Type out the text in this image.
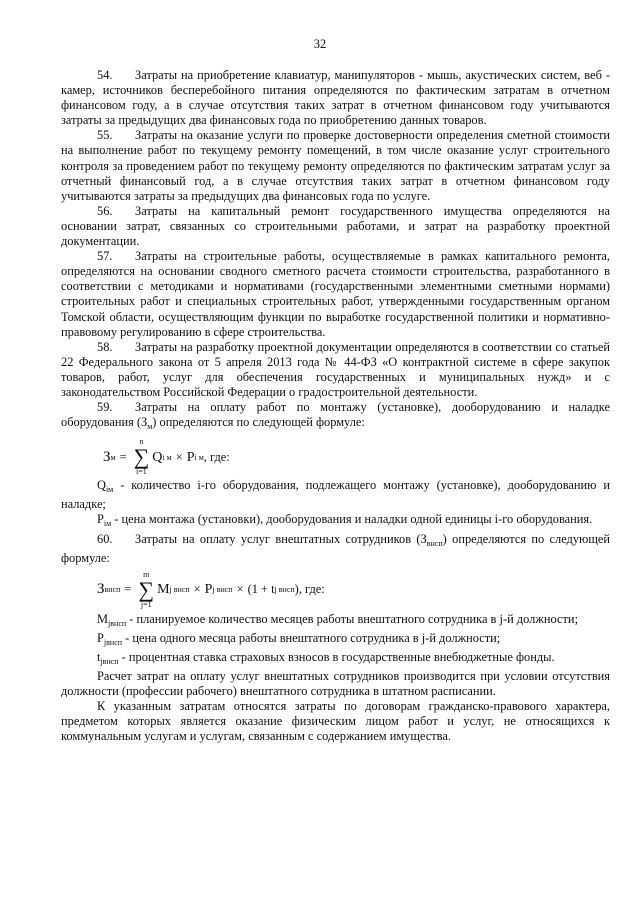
32

54. Затраты на приобретение клавиатур, манипуляторов - мышь, акустических систем, веб - камер, источников бесперебойного питания определяются по фактическим затратам в отчетном финансовом году, а в случае отсутствия таких затрат в отчетном финансовом году учитываются затраты за предыдущих два финансовых года по приобретению данных товаров.

55. Затраты на оказание услуги по проверке достоверности определения сметной стоимости на выполнение работ по текущему ремонту помещений, в том числе оказание услуг строительного контроля за проведением работ по текущему ремонту определяются по фактическим затратам услуг за отчетный финансовый год, а в случае отсутствия таких затрат в отчетном финансовом году учитываются затраты за предыдущих два финансовых года по услуге.

56. Затраты на капитальный ремонт государственного имущества определяются на основании затрат, связанных со строительными работами, и затрат на разработку проектной документации.

57. Затраты на строительные работы, осуществляемые в рамках капитального ремонта, определяются на основании сводного сметного расчета стоимости строительства, разработанного в соответствии с методиками и нормативами (государственными элементными сметными нормами) строительных работ и специальных строительных работ, утвержденными государственным органом Томской области, осуществляющим функции по выработке государственной политики и нормативно-правовому регулированию в сфере строительства.

58. Затраты на разработку проектной документации определяются в соответствии со статьей 22 Федерального закона от 5 апреля 2013 года № 44-ФЗ «О контрактной системе в сфере закупок товаров, работ, услуг для обеспечения государственных и муниципальных нужд» и с законодательством Российской Федерации о градостроительной деятельности.

59. Затраты на оплату работ по монтажу (установке), дооборудованию и наладке оборудования $(З_м)$ определяются по следующей формуле:

З м =
n
∑
i=1
Q i м × P i м , где:

$Q_{iм}$ - количество i-го оборудования, подлежащего монтажу (установке), дооборудованию и наладке;

$P_{iм}$ - цена монтажа (установки), дооборудования и наладки одной единицы i-го оборудования.

60. Затраты на оплату услуг внештатных сотрудников $(З_{внсп})$ определяются по следующей формуле:

З внсп =
m
∑
j=1
M j внсп × P j внсп × (1 + t j внсп ) , где:

$M_{jвнсп}$ - планируемое количество месяцев работы внештатного сотрудника в j-й должности;

$P_{jвнсп}$ - цена одного месяца работы внештатного сотрудника в j-й должности;

$t_{jвнсп}$ - процентная ставка страховых взносов в государственные внебюджетные фонды.

Расчет затрат на оплату услуг внештатных сотрудников производится при условии отсутствия должности (профессии рабочего) внештатного сотрудника в штатном расписании.

К указанным затратам относятся затраты по договорам гражданско-правового характера, предметом которых является оказание физическим лицом работ и услуг, не относящихся к коммунальным услугам и услугам, связанным с содержанием имущества.
